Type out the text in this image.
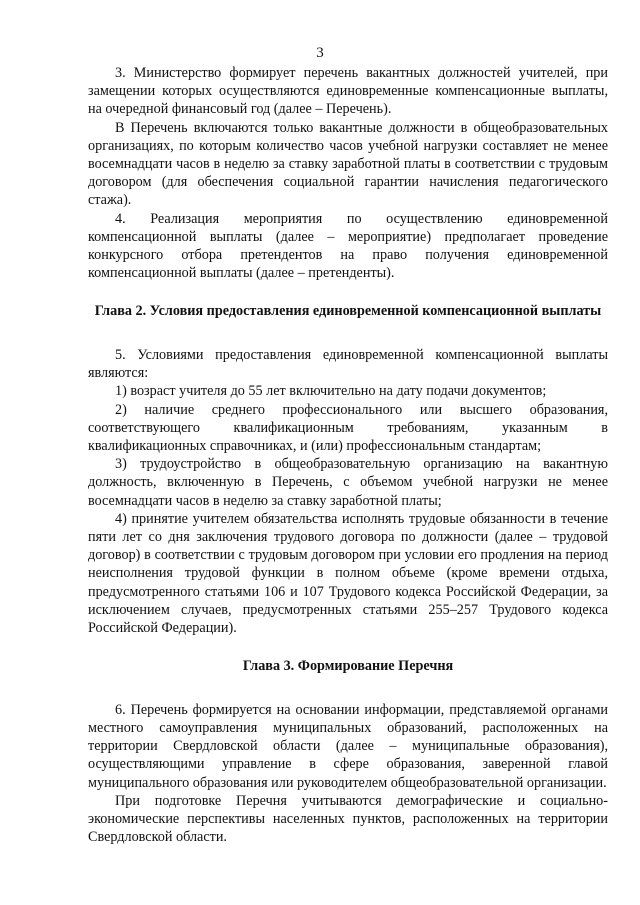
3

3. Министерство формирует перечень вакантных должностей учителей, при замещении которых осуществляются единовременные компенсационные выплаты, на очередной финансовый год (далее – Перечень).

В Перечень включаются только вакантные должности в общеобразовательных организациях, по которым количество часов учебной нагрузки составляет не менее восемнадцати часов в неделю за ставку заработной платы в соответствии с трудовым договором (для обеспечения социальной гарантии начисления педагогического стажа).

4. Реализация мероприятия по осуществлению единовременной компенсационной выплаты (далее – мероприятие) предполагает проведение конкурсного отбора претендентов на право получения единовременной компенсационной выплаты (далее – претенденты).

Глава 2. Условия предоставления единовременной компенсационной выплаты

5. Условиями предоставления единовременной компенсационной выплаты являются:

1) возраст учителя до 55 лет включительно на дату подачи документов;

2) наличие среднего профессионального или высшего образования, соответствующего квалификационным требованиям, указанным в квалификационных справочниках, и (или) профессиональным стандартам;

3) трудоустройство в общеобразовательную организацию на вакантную должность, включенную в Перечень, с объемом учебной нагрузки не менее восемнадцати часов в неделю за ставку заработной платы;

4) принятие учителем обязательства исполнять трудовые обязанности в течение пяти лет со дня заключения трудового договора по должности (далее – трудовой договор) в соответствии с трудовым договором при условии его продления на период неисполнения трудовой функции в полном объеме (кроме времени отдыха, предусмотренного статьями 106 и 107 Трудового кодекса Российской Федерации, за исключением случаев, предусмотренных статьями 255–257 Трудового кодекса Российской Федерации).

Глава 3. Формирование Перечня

6. Перечень формируется на основании информации, представляемой органами местного самоуправления муниципальных образований, расположенных на территории Свердловской области (далее – муниципальные образования), осуществляющими управление в сфере образования, заверенной главой муниципального образования или руководителем общеобразовательной организации.

При подготовке Перечня учитываются демографические и социально-экономические перспективы населенных пунктов, расположенных на территории Свердловской области.
